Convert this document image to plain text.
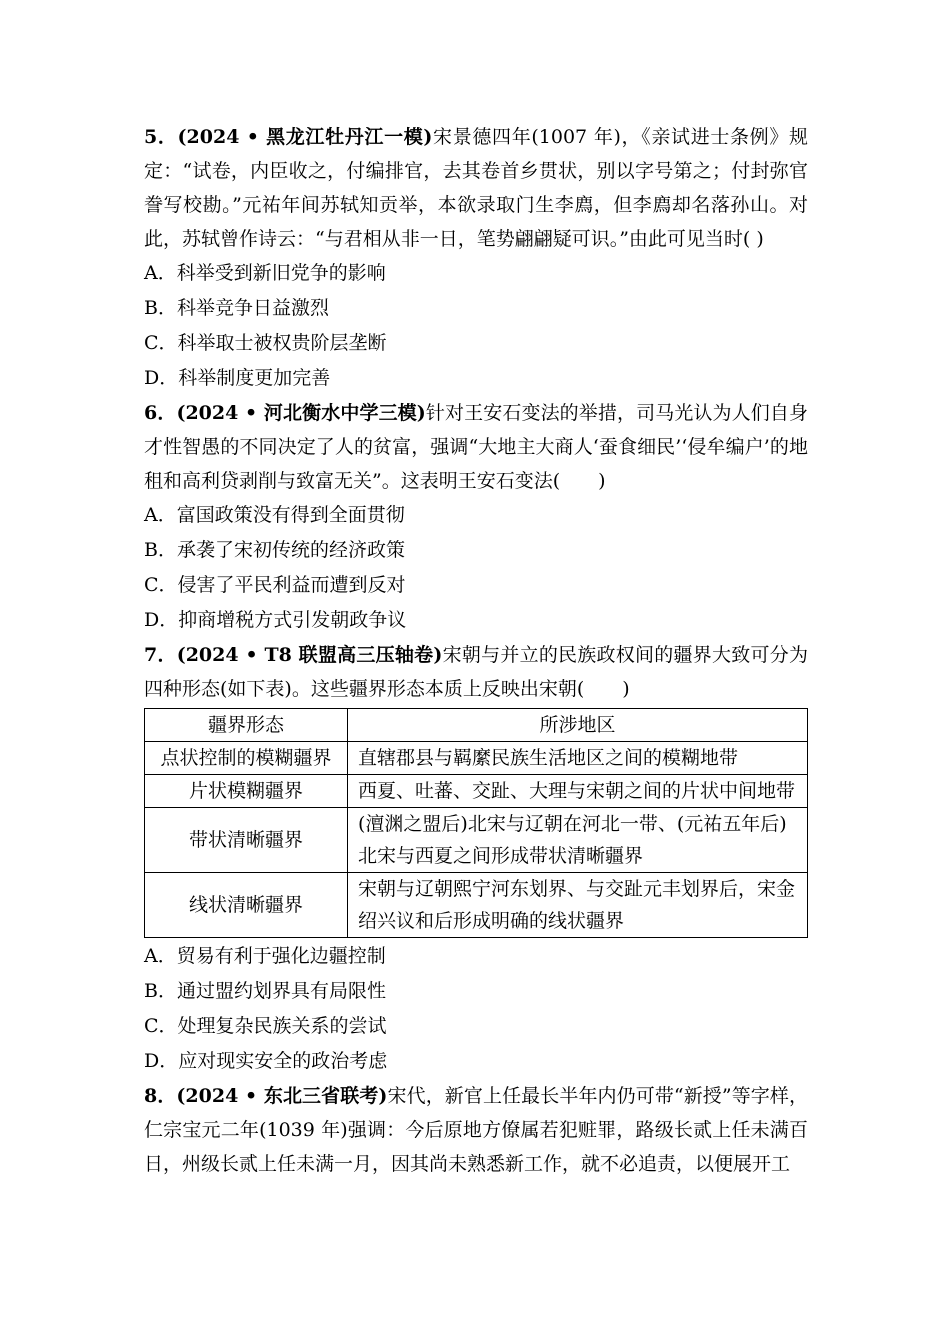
5．(2024 • 黑龙江牡丹江一模)宋景德四年(1007 年)，《亲试进士条例》规定：“试卷，内臣收之，付编排官，去其卷首乡贯状，别以字号第之；付封弥官誊写校勘。”元祐年间苏轼知贡举，本欲录取门生李廌，但李廌却名落孙山。对此，苏轼曾作诗云：“与君相从非一日，笔势翩翩疑可识。”由此可见当时( )
A．科举受到新旧党争的影响
B．科举竞争日益激烈
C．科举取士被权贵阶层垄断
D．科举制度更加完善
6．(2024 • 河北衡水中学三模)针对王安石变法的举措，司马光认为人们自身才性智愚的不同决定了人的贫富，强调“大地主大商人‘蚕食细民’‘侵牟编户’的地租和高利贷剥削与致富无关”。这表明王安石变法(　　)
A．富国政策没有得到全面贯彻
B．承袭了宋初传统的经济政策
C．侵害了平民利益而遭到反对
D．抑商增税方式引发朝政争议
7．(2024 • T8 联盟高三压轴卷)宋朝与并立的民族政权间的疆界大致可分为四种形态(如下表)。这些疆界形态本质上反映出宋朝(　　)
疆界形态	所涉地区
点状控制的模糊疆界	直辖郡县与羁縻民族生活地区之间的模糊地带
片状模糊疆界	西夏、吐蕃、交趾、大理与宋朝之间的片状中间地带
带状清晰疆界	(澶渊之盟后)北宋与辽朝在河北一带、(元祐五年后)北宋与西夏之间形成带状清晰疆界
线状清晰疆界	宋朝与辽朝熙宁河东划界、与交趾元丰划界后，宋金绍兴议和后形成明确的线状疆界
A．贸易有利于强化边疆控制
B．通过盟约划界具有局限性
C．处理复杂民族关系的尝试
D．应对现实安全的政治考虑
8．(2024 • 东北三省联考)宋代，新官上任最长半年内仍可带“新授”等字样，仁宗宝元二年(1039 年)强调：今后原地方僚属若犯赃罪，路级长贰上任未满百日，州级长贰上任未满一月，因其尚未熟悉新工作，就不必追责，以便展开工
